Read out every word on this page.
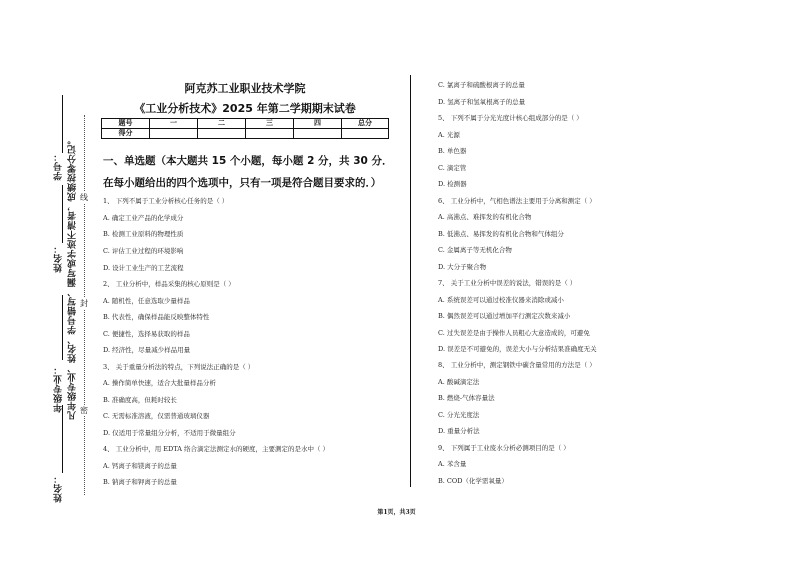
学号：
姓名：
年级专业：
姓名：
凡年级专业、姓名、学号错写、漏写或字迹不清者，成绩按零分记。 线
封
密
阿克苏工业职业技术学院
《工业分析技术》2025 年第二学期期末试卷
题号	一	二	三	四	总分
得分					
一、单选题（本大题共 15 个小题，每小题 2 分，共 30 分．在每小题给出的四个选项中，只有一项是符合题目要求的．）
1、 下列不属于工业分析核心任务的是（ ）
A. 确定工业产品的化学成分
B. 检测工业原料的物理性质
C. 评估工业过程的环境影响
D. 设计工业生产的工艺流程
2、 工业分析中，样品采集的核心原则是（ ）
A. 随机性，任意选取少量样品
B. 代表性，确保样品能反映整体特性
C. 便捷性，选择易获取的样品
D. 经济性，尽量减少样品用量
3、 关于重量分析法的特点，下列说法正确的是（ ）
A. 操作简单快速，适合大批量样品分析
B. 准确度高，但耗时较长
C. 无需标准溶液，仅需普通玻璃仪器
D. 仅适用于常量组分分析，不适用于微量组分
4、 工业分析中，用 EDTA 络合滴定法测定水的硬度，主要测定的是水中（ ）
A. 钙离子和镁离子的总量
B. 钠离子和钾离子的总量
C. 氯离子和硫酸根离子的总量
D. 氢离子和氢氧根离子的总量
5、 下列不属于分光光度计核心组成部分的是（ ）
A. 光源
B. 单色器
C. 滴定管
D. 检测器
6、 工业分析中，气相色谱法主要用于分离和测定（ ）
A. 高沸点、难挥发的有机化合物
B. 低沸点、易挥发的有机化合物和气体组分
C. 金属离子等无机化合物
D. 大分子聚合物
7、 关于工业分析中误差的说法，错误的是（ ）
A. 系统误差可以通过校准仪器来消除或减小
B. 偶然误差可以通过增加平行测定次数来减小
C. 过失误差是由于操作人员粗心大意造成的，可避免
D. 误差是不可避免的，误差大小与分析结果准确度无关
8、 工业分析中，测定钢铁中碳含量常用的方法是（ ）
A. 酸碱滴定法
B. 燃烧-气体容量法
C. 分光光度法
D. 重量分析法
9、 下列属于工业废水分析必测项目的是（ ）
A. 苯含量
B. COD（化学需氧量）
第1页，共3页
